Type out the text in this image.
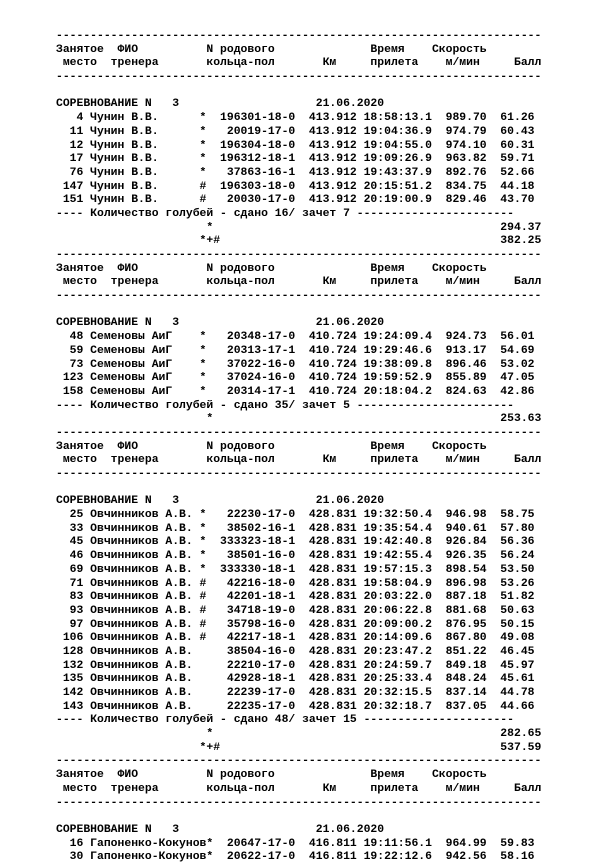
-----------------------------------------------------------------------
Занятое  ФИО          N родового              Время    Скорость
место  тренера       кольца-пол       Км     прилета    м/мин     Балл
-----------------------------------------------------------------------

СОРЕВНОВАНИЕ N   3                    21.06.2020
4 Чунин В.В.      *  196301-18-0  413.912 18:58:13.1  989.70  61.26
11 Чунин В.В.      *   20019-17-0  413.912 19:04:36.9  974.79  60.43
12 Чунин В.В.      *  196304-18-0  413.912 19:04:55.0  974.10  60.31
17 Чунин В.В.      *  196312-18-1  413.912 19:09:26.9  963.82  59.71
76 Чунин В.В.      *   37863-16-1  413.912 19:43:37.9  892.76  52.66
147 Чунин В.В.      #  196303-18-0  413.912 20:15:51.2  834.75  44.18
151 Чунин В.В.      #   20030-17-0  413.912 20:19:00.9  829.46  43.70
---- Количество голубей - сдано 16/ зачет 7 -----------------------
*                                          294.37
*+#                                         382.25
-----------------------------------------------------------------------
Занятое  ФИО          N родового              Время    Скорость
место  тренера       кольца-пол       Км     прилета    м/мин     Балл
-----------------------------------------------------------------------

СОРЕВНОВАНИЕ N   3                    21.06.2020
48 Семеновы АиГ    *   20348-17-0  410.724 19:24:09.4  924.73  56.01
59 Семеновы АиГ    *   20313-17-1  410.724 19:29:46.6  913.17  54.69
73 Семеновы АиГ    *   37022-16-0  410.724 19:38:09.8  896.46  53.02
123 Семеновы АиГ    *   37024-16-0  410.724 19:59:52.9  855.89  47.05
158 Семеновы АиГ    *   20314-17-1  410.724 20:18:04.2  824.63  42.86
---- Количество голубей - сдано 35/ зачет 5 -----------------------
*                                          253.63
-----------------------------------------------------------------------
Занятое  ФИО          N родового              Время    Скорость
место  тренера       кольца-пол       Км     прилета    м/мин     Балл
-----------------------------------------------------------------------

СОРЕВНОВАНИЕ N   3                    21.06.2020
25 Овчинников А.В. *   22230-17-0  428.831 19:32:50.4  946.98  58.75
33 Овчинников А.В. *   38502-16-1  428.831 19:35:54.4  940.61  57.80
45 Овчинников А.В. *  333323-18-1  428.831 19:42:40.8  926.84  56.36
46 Овчинников А.В. *   38501-16-0  428.831 19:42:55.4  926.35  56.24
69 Овчинников А.В. *  333330-18-1  428.831 19:57:15.3  898.54  53.50
71 Овчинников А.В. #   42216-18-0  428.831 19:58:04.9  896.98  53.26
83 Овчинников А.В. #   42201-18-1  428.831 20:03:22.0  887.18  51.82
93 Овчинников А.В. #   34718-19-0  428.831 20:06:22.8  881.68  50.63
97 Овчинников А.В. #   35798-16-0  428.831 20:09:00.2  876.95  50.15
106 Овчинников А.В. #   42217-18-1  428.831 20:14:09.6  867.80  49.08
128 Овчинников А.В.     38504-16-0  428.831 20:23:47.2  851.22  46.45
132 Овчинников А.В.     22210-17-0  428.831 20:24:59.7  849.18  45.97
135 Овчинников А.В.     42928-18-1  428.831 20:25:33.4  848.24  45.61
142 Овчинников А.В.     22239-17-0  428.831 20:32:15.5  837.14  44.78
143 Овчинников А.В.     22235-17-0  428.831 20:32:18.7  837.05  44.66
---- Количество голубей - сдано 48/ зачет 15 ----------------------
*                                          282.65
*+#                                         537.59
-----------------------------------------------------------------------
Занятое  ФИО          N родового              Время    Скорость
место  тренера       кольца-пол       Км     прилета    м/мин     Балл
-----------------------------------------------------------------------

СОРЕВНОВАНИЕ N   3                    21.06.2020
16 Гапоненко-Кокунов*  20647-17-0  416.811 19:11:56.1  964.99  59.83
30 Гапоненко-Кокунов*  20622-17-0  416.811 19:22:12.6  942.56  58.16
